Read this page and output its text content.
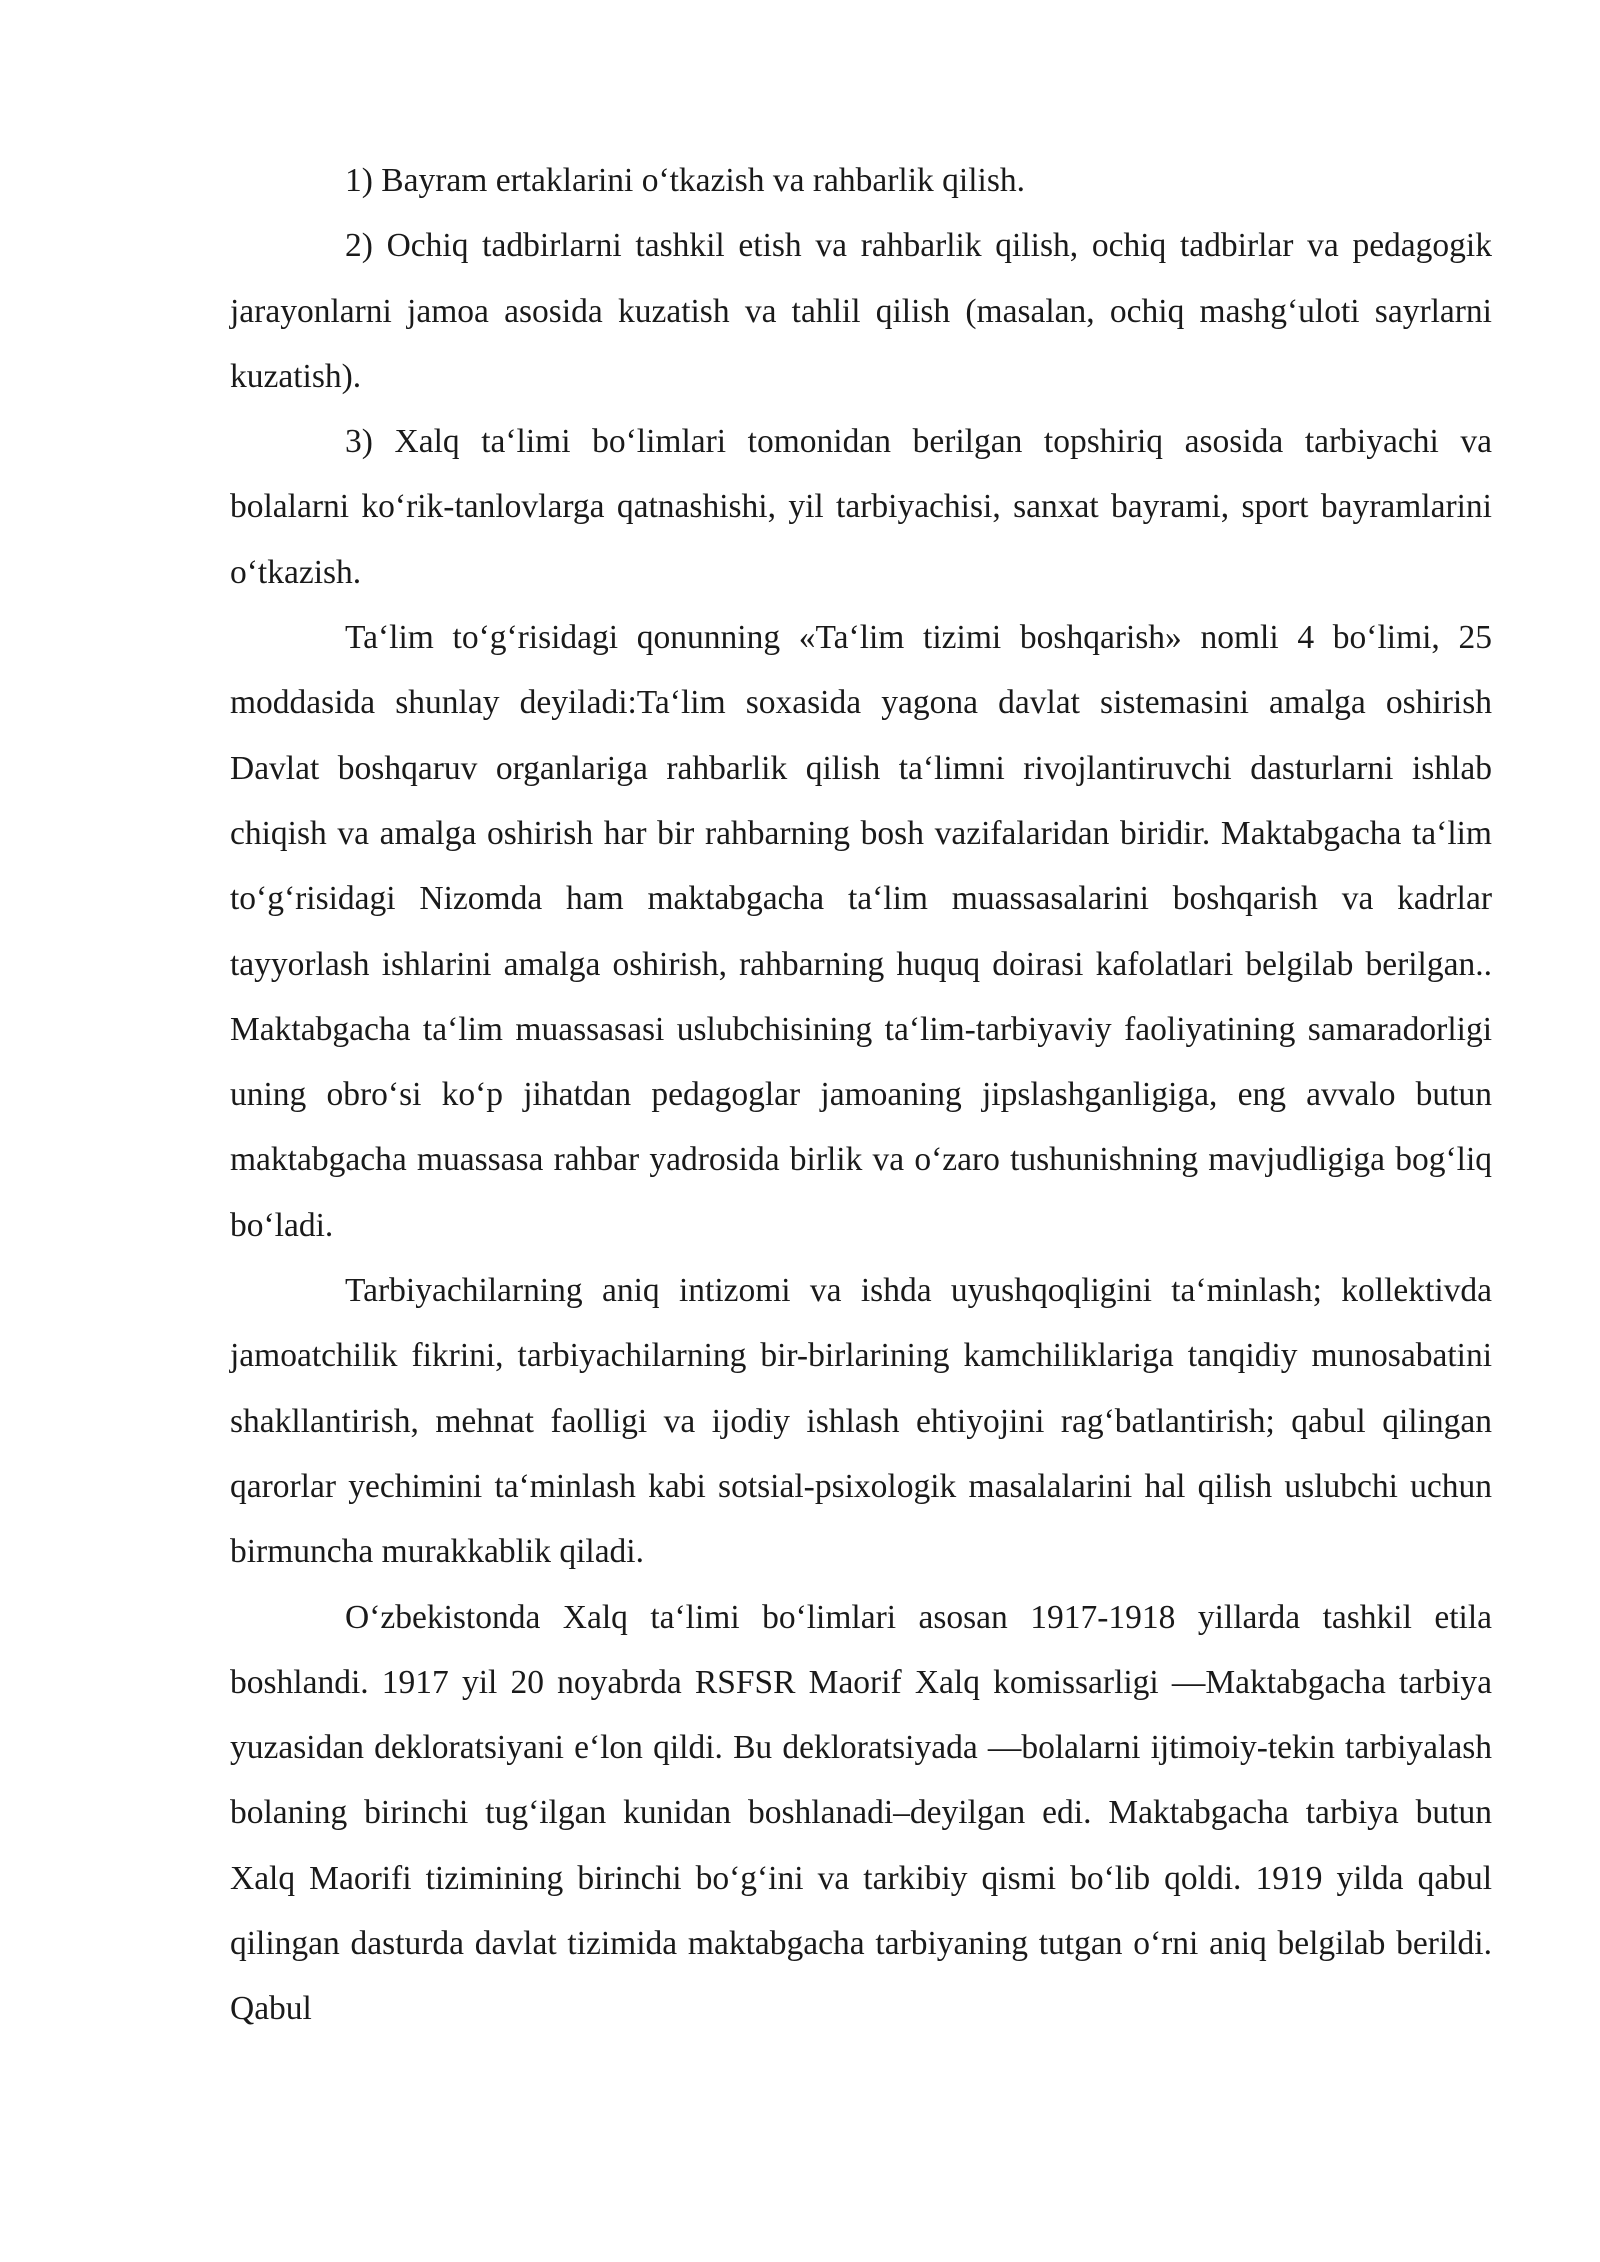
1) Bayram ertaklarini o‘tkazish va rahbarlik qilish.

2) Ochiq tadbirlarni tashkil etish va rahbarlik qilish, ochiq tadbirlar va pedagogik jarayonlarni jamoa asosida kuzatish va tahlil qilish (masalan, ochiq mashg‘uloti sayrlarni kuzatish).

3) Xalq ta‘limi bo‘limlari tomonidan berilgan topshiriq asosida tarbiyachi va bolalarni ko‘rik-tanlovlarga qatnashishi, yil tarbiyachisi, sanxat bayrami, sport bayramlarini o‘tkazish.

Ta‘lim to‘g‘risidagi qonunning «Ta‘lim tizimi boshqarish» nomli 4 bo‘limi, 25 moddasida shunlay deyiladi:Ta‘lim soxasida yagona davlat sistemasini amalga oshirish Davlat boshqaruv organlariga rahbarlik qilish ta‘limni rivojlantiruvchi dasturlarni ishlab chiqish va amalga oshirish har bir rahbarning bosh vazifalaridan biridir. Maktabgacha ta‘lim to‘g‘risidagi Nizomda ham maktabgacha ta‘lim muassasalarini boshqarish va kadrlar tayyorlash ishlarini amalga oshirish, rahbarning huquq doirasi kafolatlari belgilab berilgan.. Maktabgacha ta‘lim muassasasi uslubchisining ta‘lim-tarbiyaviy faoliyatining samaradorligi uning obro‘si ko‘p jihatdan pedagoglar jamoaning jipslashganligiga, eng avvalo butun maktabgacha muassasa rahbar yadrosida birlik va o‘zaro tushunishning mavjudligiga bog‘liq bo‘ladi.

Tarbiyachilarning aniq intizomi va ishda uyushqoqligini ta‘minlash; kollektivda jamoatchilik fikrini, tarbiyachilarning bir-birlarining kamchiliklariga tanqidiy munosabatini shakllantirish, mehnat faolligi va ijodiy ishlash ehtiyojini rag‘batlantirish; qabul qilingan qarorlar yechimini ta‘minlash kabi sotsial-psixologik masalalarini hal qilish uslubchi uchun birmuncha murakkablik qiladi.

O‘zbekistonda Xalq ta‘limi bo‘limlari asosan 1917-1918 yillarda tashkil etila boshlandi. 1917 yil 20 noyabrda RSFSR Maorif Xalq komissarligi ―Maktabgacha tarbiya yuzasidan dekloratsiyani e‘lon qildi. Bu dekloratsiyada ―bolalarni ijtimoiy-tekin tarbiyalash bolaning birinchi tug‘ilgan kunidan boshlanadi–deyilgan edi. Maktabgacha tarbiya butun Xalq Maorifi tizimining birinchi bo‘g‘ini va tarkibiy qismi bo‘lib qoldi. 1919 yilda qabul qilingan dasturda davlat tizimida maktabgacha tarbiyaning tutgan o‘rni aniq belgilab berildi. Qabul
